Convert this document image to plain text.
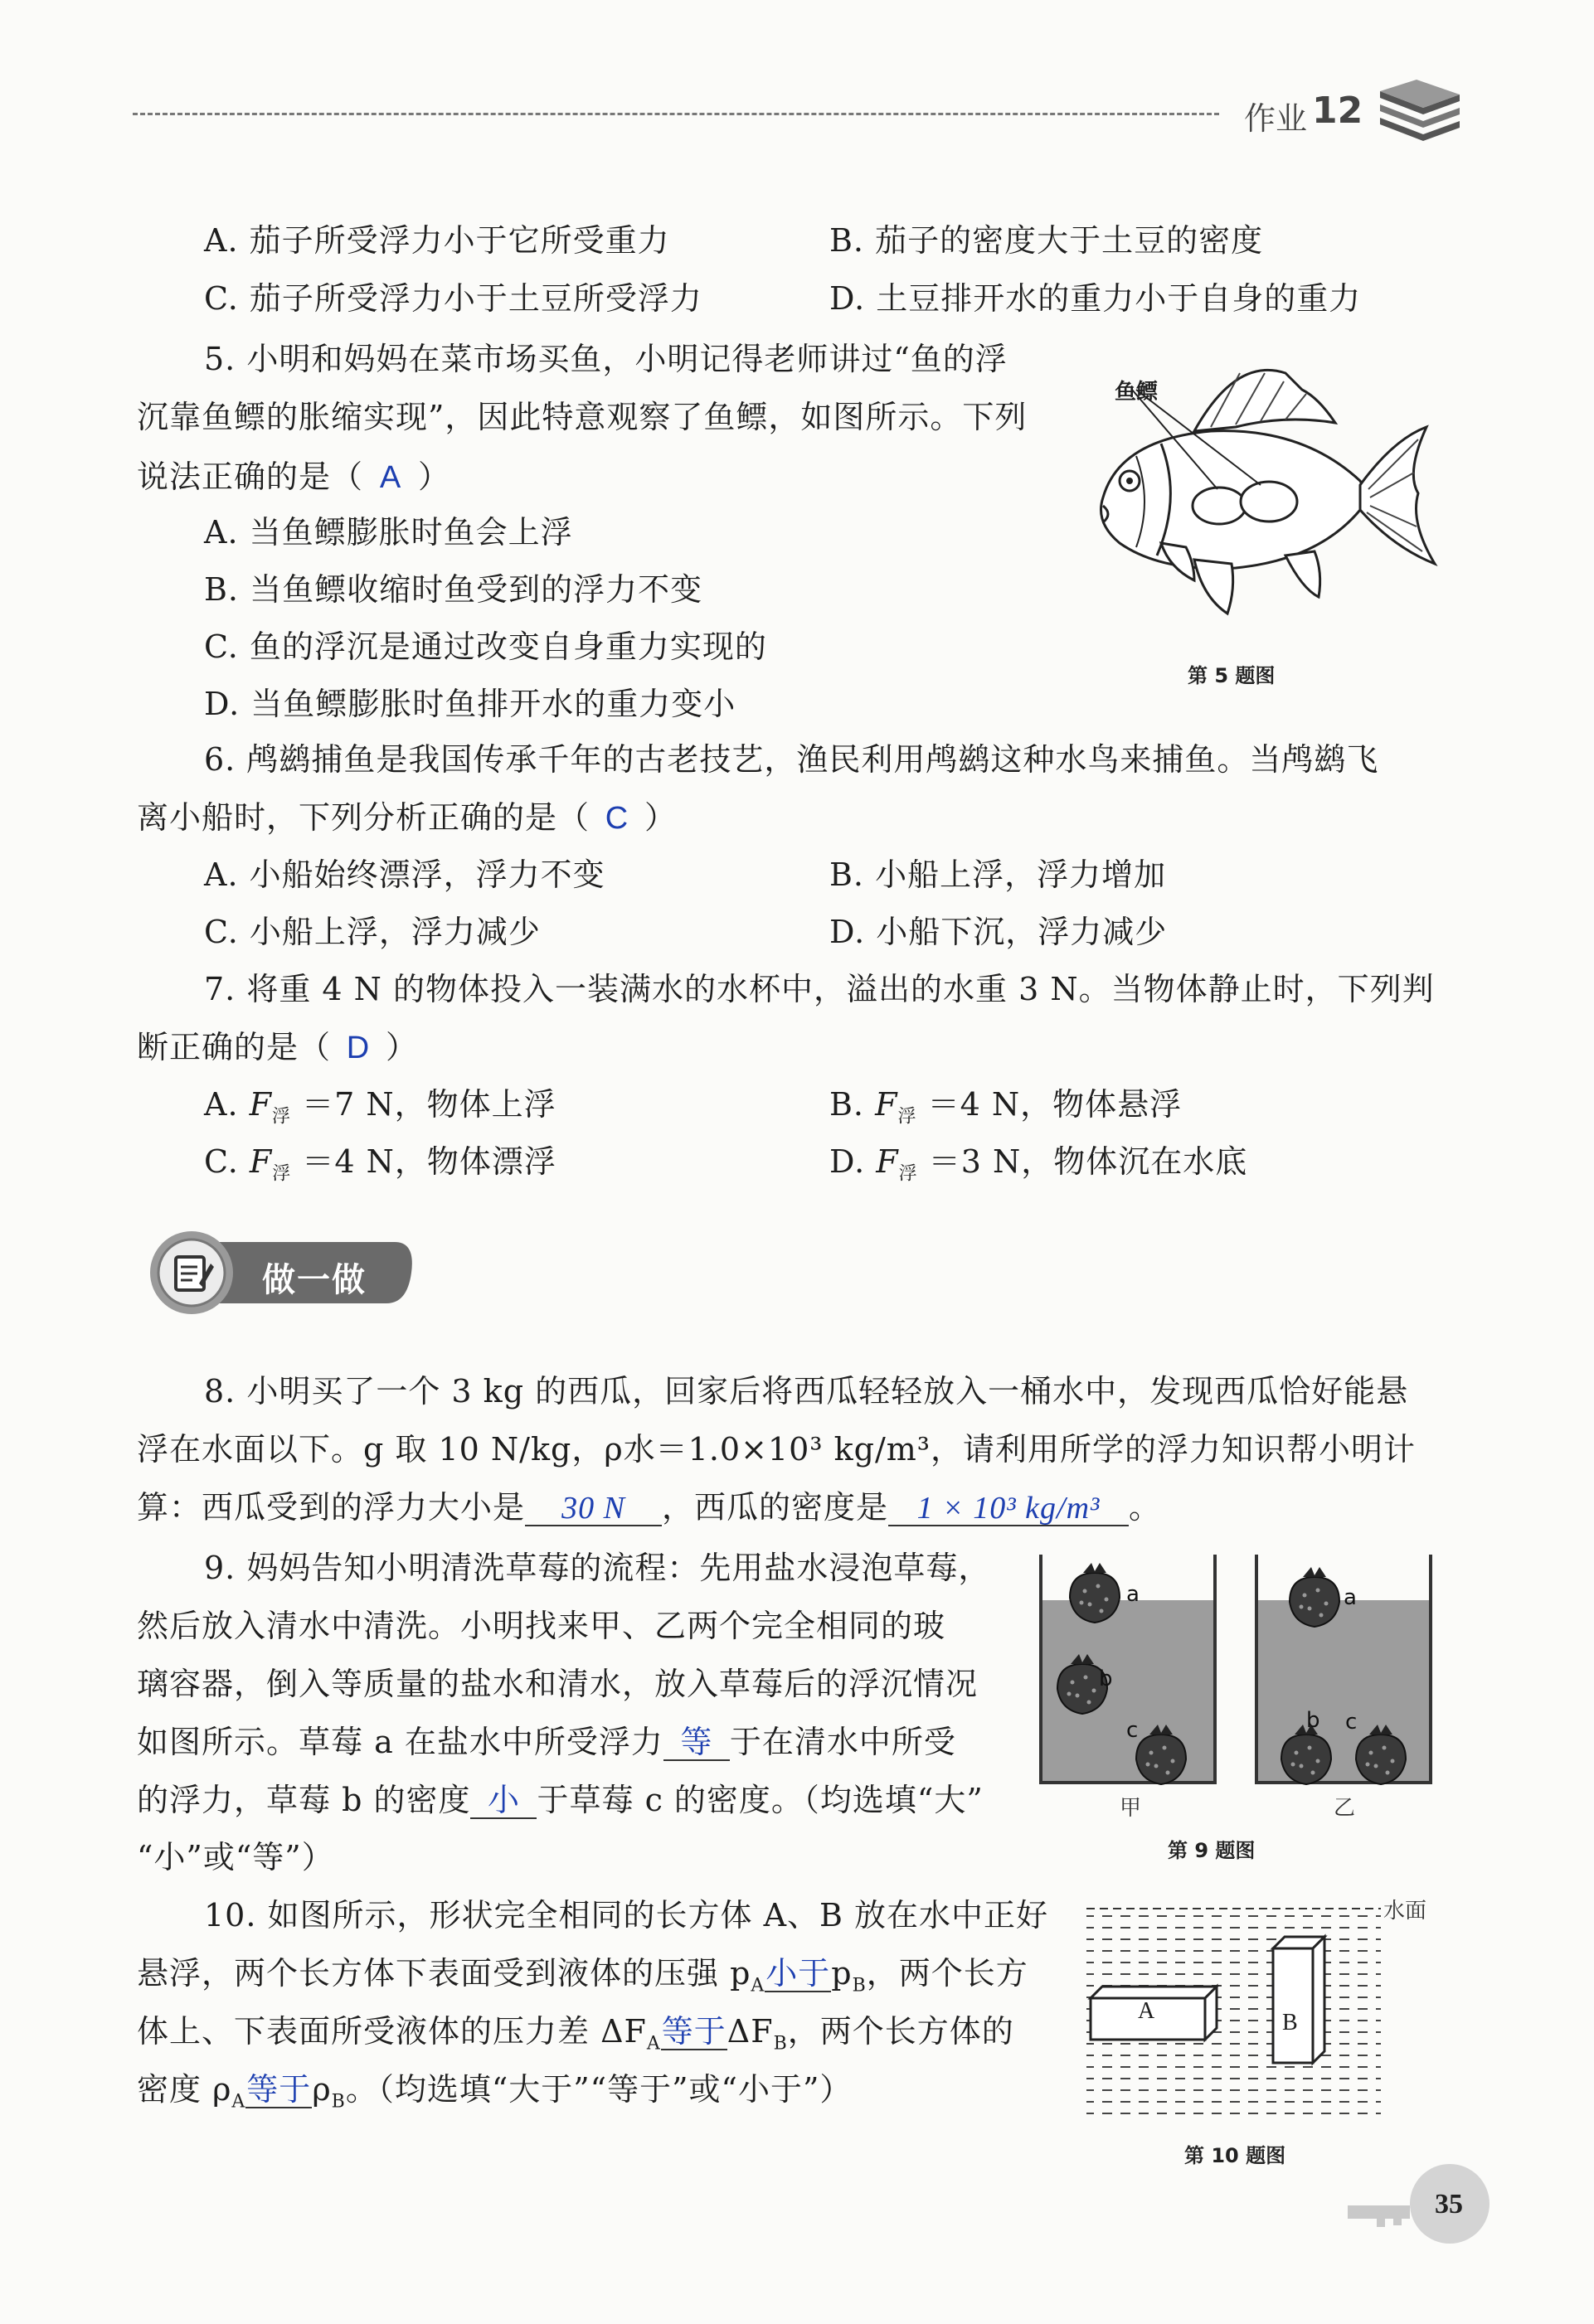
作业 12
A. 茄子所受浮力小于它所受重力	B. 茄子的密度大于土豆的密度
C. 茄子所受浮力小于土豆所受浮力	D. 土豆排开水的重力小于自身的重力
5. 小明和妈妈在菜市场买鱼，小明记得老师讲过“鱼的浮
沉靠鱼鳔的胀缩实现”，因此特意观察了鱼鳔，如图所示。下列
说法正确的是（ A ）
A. 当鱼鳔膨胀时鱼会上浮
B. 当鱼鳔收缩时鱼受到的浮力不变
C. 鱼的浮沉是通过改变自身重力实现的
D. 当鱼鳔膨胀时鱼排开水的重力变小
鱼鳔
第 5 题图
6. 鸬鹚捕鱼是我国传承千年的古老技艺，渔民利用鸬鹚这种水鸟来捕鱼。当鸬鹚飞
离小船时，下列分析正确的是（ C ）
A. 小船始终漂浮，浮力不变	B. 小船上浮，浮力增加
C. 小船上浮，浮力减少	D. 小船下沉，浮力减少
7. 将重 4 N 的物体投入一装满水的水杯中，溢出的水重 3 N。当物体静止时，下列判
断正确的是（ D ）
A. $F_浮 =7$ N，物体上浮	B. $F_浮 =4$ N，物体悬浮
C. $F_浮 =4$ N，物体漂浮	D. $F_浮 =3$ N，物体沉在水底
做一做
8. 小明买了一个 3 kg 的西瓜，回家后将西瓜轻轻放入一桶水中，发现西瓜恰好能悬
浮在水面以下。g 取 10 N/kg，ρ水＝1.0×10³ kg/m³，请利用所学的浮力知识帮小明计
算：西瓜受到的浮力大小是 30 N ，西瓜的密度是 1 × 10³ kg/m³ 。
9. 妈妈告知小明清洗草莓的流程：先用盐水浸泡草莓，
然后放入清水中清洗。小明找来甲、乙两个完全相同的玻
璃容器，倒入等质量的盐水和清水，放入草莓后的浮沉情况
如图所示。草莓 a 在盐水中所受浮力 等 于在清水中所受
的浮力，草莓 b 的密度 小 于草莓 c 的密度。（均选填“大”
“小”或“等”）
a
b
c
a
b c
甲	乙
第 9 题图
10. 如图所示，形状完全相同的长方体 A、B 放在水中正好
悬浮，两个长方体下表面受到液体的压强 $p_A$小于$p_B$，两个长方
体上、下表面所受液体的压力差 $\Delta F_A$等于$\Delta F_B$，两个长方体的
密度 $\rho_A$等于$\rho_B$。（均选填“大于”“等于”或“小于”）
水面
A	B
第 10 题图
35
